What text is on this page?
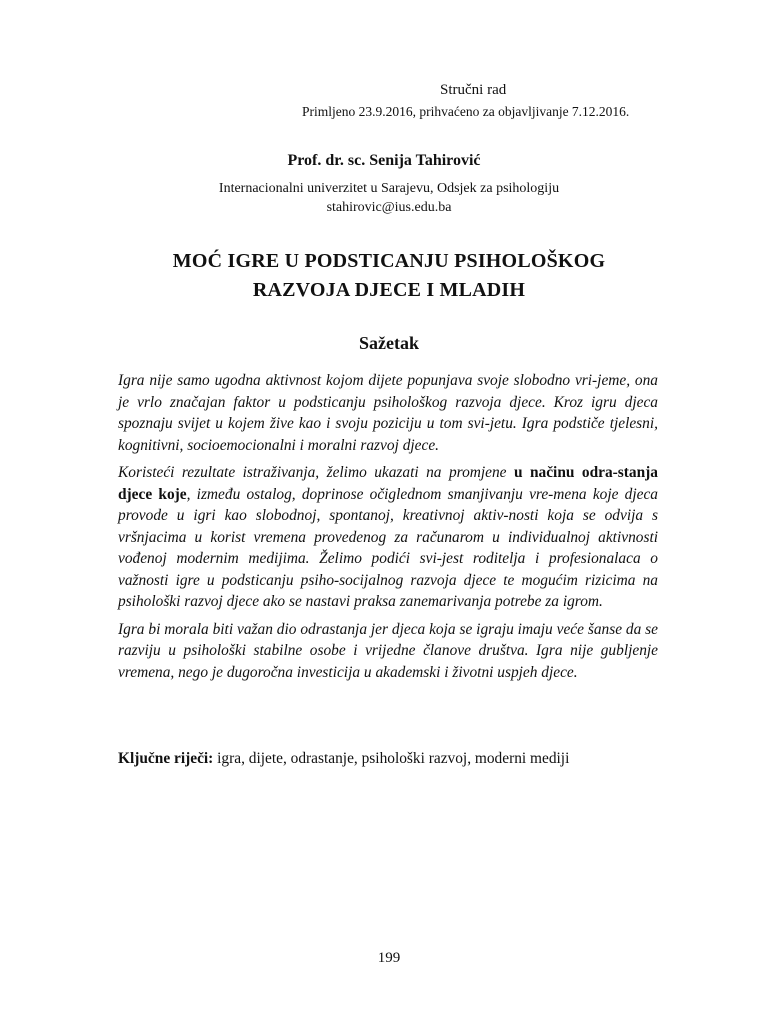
Stručni rad
Primljeno 23.9.2016, prihvaćeno za objavljivanje 7.12.2016.
Prof. dr. sc. Senija Tahirović
Internacionalni univerzitet u Sarajevu, Odsjek za psihologiju
stahirovic@ius.edu.ba
MOĆ IGRE U PODSTICANJU PSIHOLOŠKOG
RAZVOJA DJECE I MLADIH
Sažetak

Igra nije samo ugodna aktivnost kojom dijete popunjava svoje slobodno vri-jeme, ona je vrlo značajan faktor u podsticanju psihološkog razvoja djece. Kroz igru djeca spoznaju svijet u kojem žive kao i svoju poziciju u tom svi-jetu. Igra podstiče tjelesni, kognitivni, socioemocionalni i moralni razvoj djece.

Koristeći rezultate istraživanja, želimo ukazati na promjene u načinu odra-stanja djece koje, između ostalog, doprinose očiglednom smanjivanju vre-mena koje djeca provode u igri kao slobodnoj, spontanoj, kreativnoj aktiv-nosti koja se odvija s vršnjacima u korist vremena provedenog za računarom u individualnoj aktivnosti vođenoj modernim medijima. Želimo podići svi-jest roditelja i profesionalaca o važnosti igre u podsticanju psiho-socijalnog razvoja djece te mogućim rizicima na psihološki razvoj djece ako se nastavi praksa zanemarivanja potrebe za igrom.

Igra bi morala biti važan dio odrastanja jer djeca koja se igraju imaju veće šanse da se razviju u psihološki stabilne osobe i vrijedne članove društva. Igra nije gubljenje vremena, nego je dugoročna investicija u akademski i životni uspjeh djece.

Ključne riječi: igra, dijete, odrastanje, psihološki razvoj, moderni mediji
199
